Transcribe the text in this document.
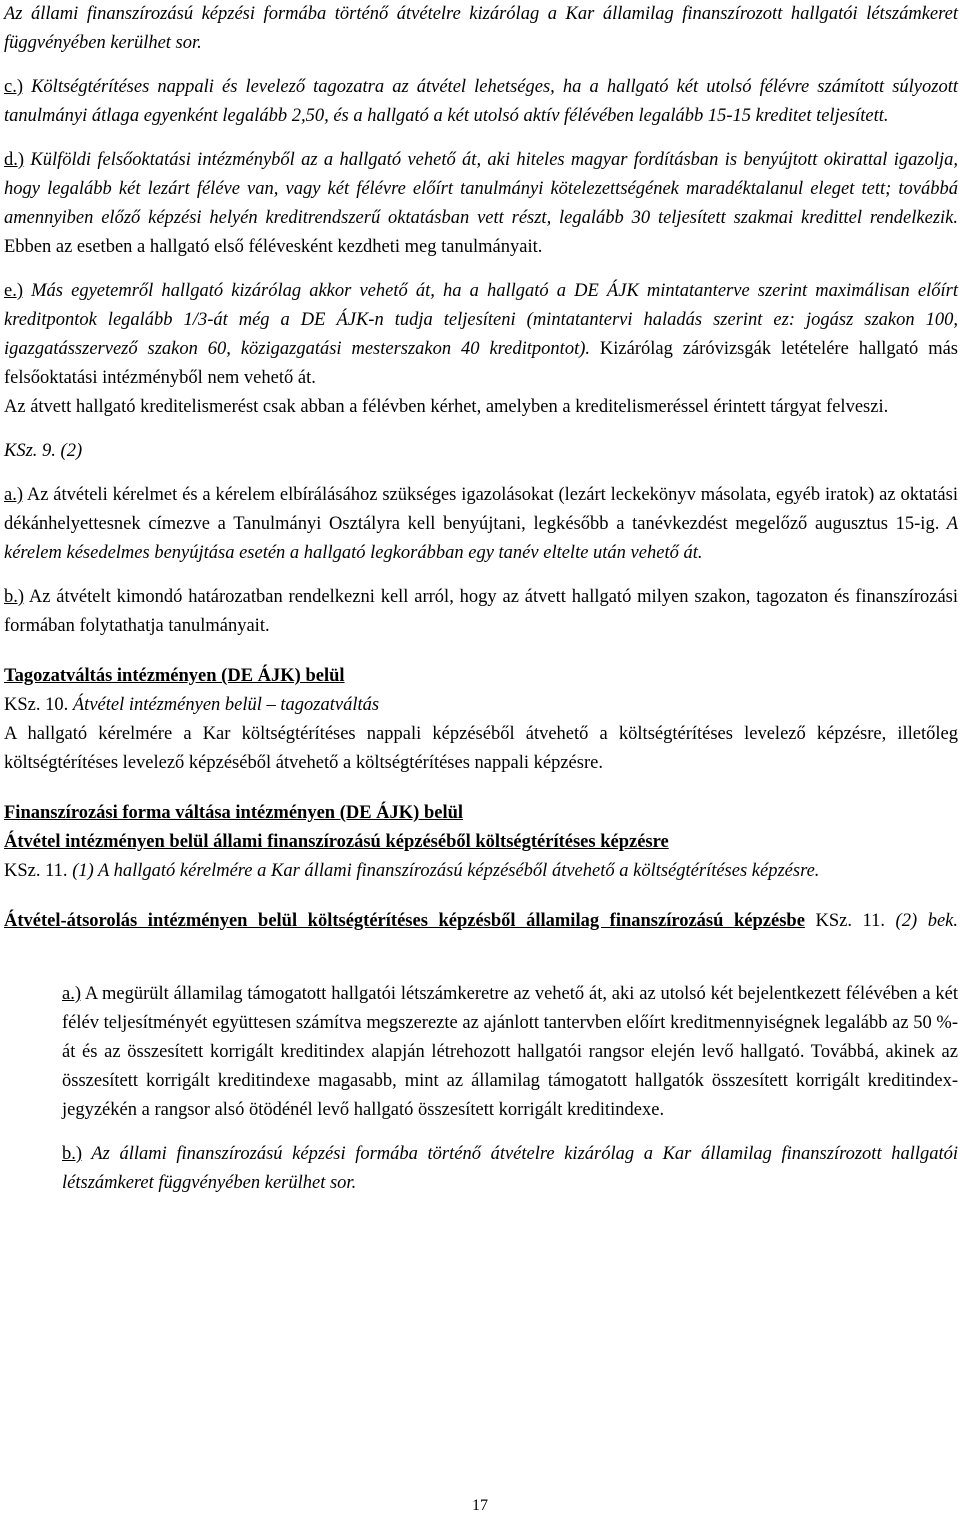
Az állami finanszírozású képzési formába történő átvételre kizárólag a Kar államilag finanszírozott hallgatói létszámkeret függvényében kerülhet sor.

c.) Költségtérítéses nappali és levelező tagozatra az átvétel lehetséges, ha a hallgató két utolsó félévre számított súlyozott tanulmányi átlaga egyenként legalább 2,50, és a hallgató a két utolsó aktív félévében legalább 15-15 kreditet teljesített.

d.) Külföldi felsőoktatási intézményből az a hallgató vehető át, aki hiteles magyar fordításban is benyújtott okirattal igazolja, hogy legalább két lezárt féléve van, vagy két félévre előírt tanulmányi kötelezettségének maradéktalanul eleget tett; továbbá amennyiben előző képzési helyén kreditrendszerű oktatásban vett részt, legalább 30 teljesített szakmai kredittel rendelkezik. Ebben az esetben a hallgató első félévesként kezdheti meg tanulmányait.

e.) Más egyetemről hallgató kizárólag akkor vehető át, ha a hallgató a DE ÁJK mintatanterve szerint maximálisan előírt kreditpontok legalább 1/3-át még a DE ÁJK-n tudja teljesíteni (mintatantervi haladás szerint ez: jogász szakon 100, igazgatásszervező szakon 60, közigazgatási mesterszakon 40 kreditpontot). Kizárólag záróvizsgák letételére hallgató más felsőoktatási intézményből nem vehető át.

Az átvett hallgató kreditelismerést csak abban a félévben kérhet, amelyben a kreditelismeréssel érintett tárgyat felveszi.

KSz. 9. (2)

a.) Az átvételi kérelmet és a kérelem elbírálásához szükséges igazolásokat (lezárt leckekönyv másolata, egyéb iratok) az oktatási dékánhelyettesnek címezve a Tanulmányi Osztályra kell benyújtani, legkésőbb a tanévkezdést megelőző augusztus 15-ig. A kérelem késedelmes benyújtása esetén a hallgató legkorábban egy tanév eltelte után vehető át.

b.) Az átvételt kimondó határozatban rendelkezni kell arról, hogy az átvett hallgató milyen szakon, tagozaton és finanszírozási formában folytathatja tanulmányait.

Tagozatváltás intézményen (DE ÁJK) belül

KSz. 10. Átvétel intézményen belül – tagozatváltás

A hallgató kérelmére a Kar költségtérítéses nappali képzéséből átvehető a költségtérítéses levelező képzésre, illetőleg költségtérítéses levelező képzéséből átvehető a költségtérítéses nappali képzésre.

Finanszírozási forma váltása intézményen (DE ÁJK) belül

Átvétel intézményen belül állami finanszírozású képzéséből költségtérítéses képzésre

KSz. 11. (1) A hallgató kérelmére a Kar állami finanszírozású képzéséből átvehető a költségtérítéses képzésre.

Átvétel-átsorolás intézményen belül költségtérítéses képzésből államilag finanszírozású képzésbe KSz. 11. (2) bek.

a.) A megürült államilag támogatott hallgatói létszámkeretre az vehető át, aki az utolsó két bejelentkezett félévében a két félév teljesítményét együttesen számítva megszerezte az ajánlott tantervben előírt kreditmennyiségnek legalább az 50 %-át és az összesített korrigált kreditindex alapján létrehozott hallgatói rangsor elején levő hallgató. Továbbá, akinek az összesített korrigált kreditindexe magasabb, mint az államilag támogatott hallgatók összesített korrigált kreditindex-jegyzékén a rangsor alsó ötödénél levő hallgató összesített korrigált kreditindexe.

b.) Az állami finanszírozású képzési formába történő átvételre kizárólag a Kar államilag finanszírozott hallgatói létszámkeret függvényében kerülhet sor.

17
